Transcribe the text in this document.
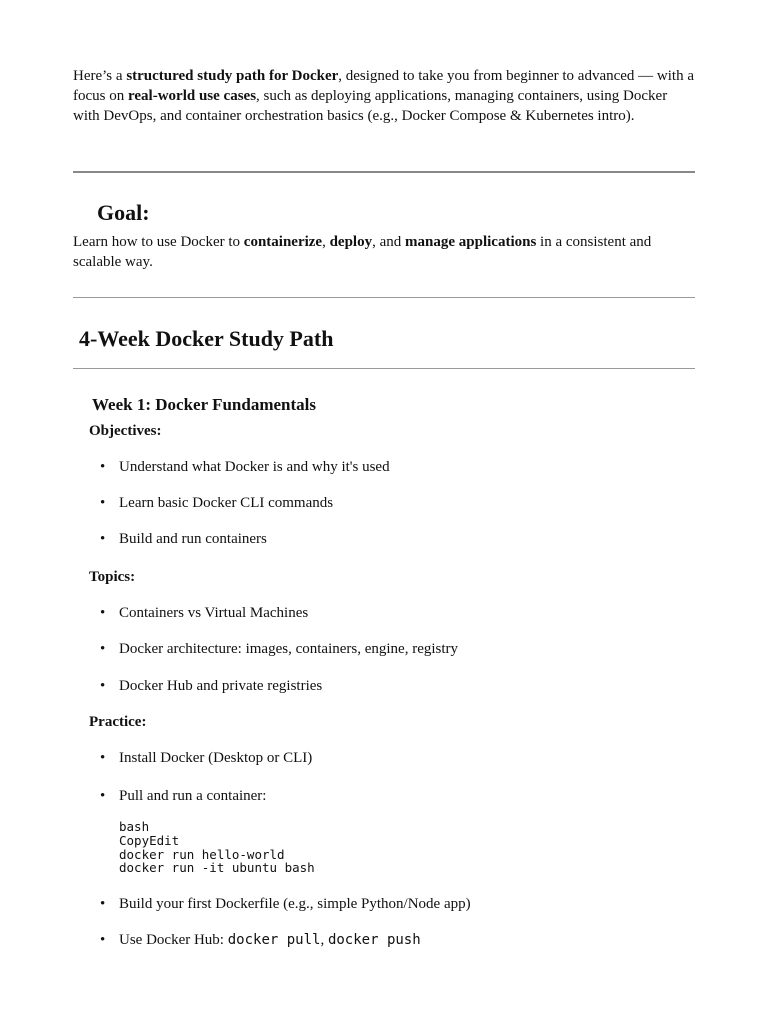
Here’s a structured study path for Docker, designed to take you from beginner to advanced — with a focus on real-world use cases, such as deploying applications, managing containers, using Docker with DevOps, and container orchestration basics (e.g., Docker Compose & Kubernetes intro).

Goal:

Learn how to use Docker to containerize, deploy, and manage applications in a consistent and scalable way.

4-Week Docker Study Path
Week 1: Docker Fundamentals

Objectives:

• Understand what Docker is and why it's used
• Learn basic Docker CLI commands
• Build and run containers

Topics:

• Containers vs Virtual Machines
• Docker architecture: images, containers, engine, registry
• Docker Hub and private registries

Practice:

• Install Docker (Desktop or CLI)
• Pull and run a container:
bash
CopyEdit
docker run hello-world
docker run -it ubuntu bash
• Build your first Dockerfile (e.g., simple Python/Node app)
• Use Docker Hub: docker pull, docker push
